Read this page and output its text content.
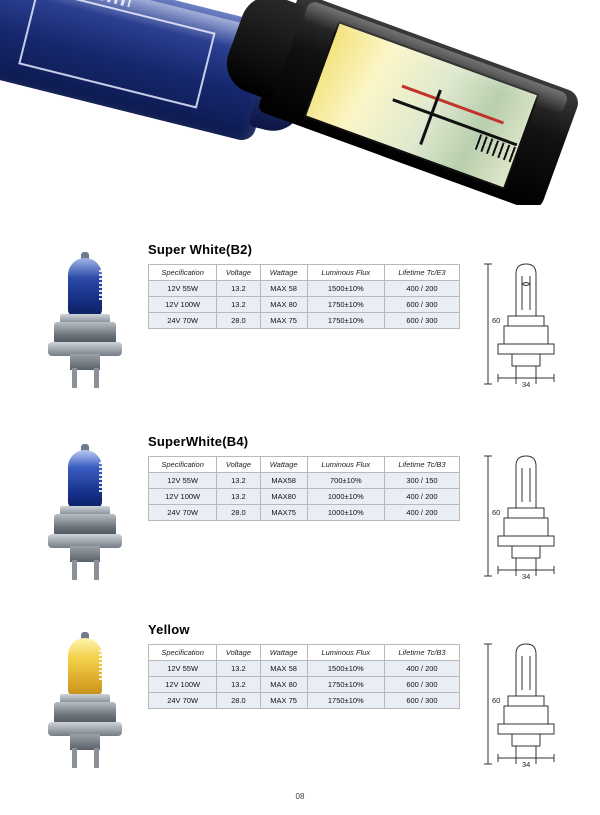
Super White(B2)
Specification	Voltage	Wattage	Luminous Flux	Lifetime Tc/E3
12V 55W	13.2	MAX 58	1500±10%	400 / 200
12V 100W	13.2	MAX 80	1750±10%	600 / 300
24V 70W	28.0	MAX 75	1750±10%	600 / 300	60
34
SuperWhite(B4)
Specification	Voltage	Wattage	Luminous Flux	Lifetime Tc/B3
12V 55W	13.2	MAX58	700±10%	300 / 150
12V 100W	13.2	MAX80	1000±10%	400 / 200
24V 70W	28.0	MAX75	1000±10%	400 / 200	60
34
Yellow
Specification	Voltage	Wattage	Luminous Flux	Lifetime Tc/B3
12V 55W	13.2	MAX 58	1500±10%	400 / 200
12V 100W	13.2	MAX 80	1750±10%	600 / 300
24V 70W	28.0	MAX 75	1750±10%	600 / 300	60
34
08
